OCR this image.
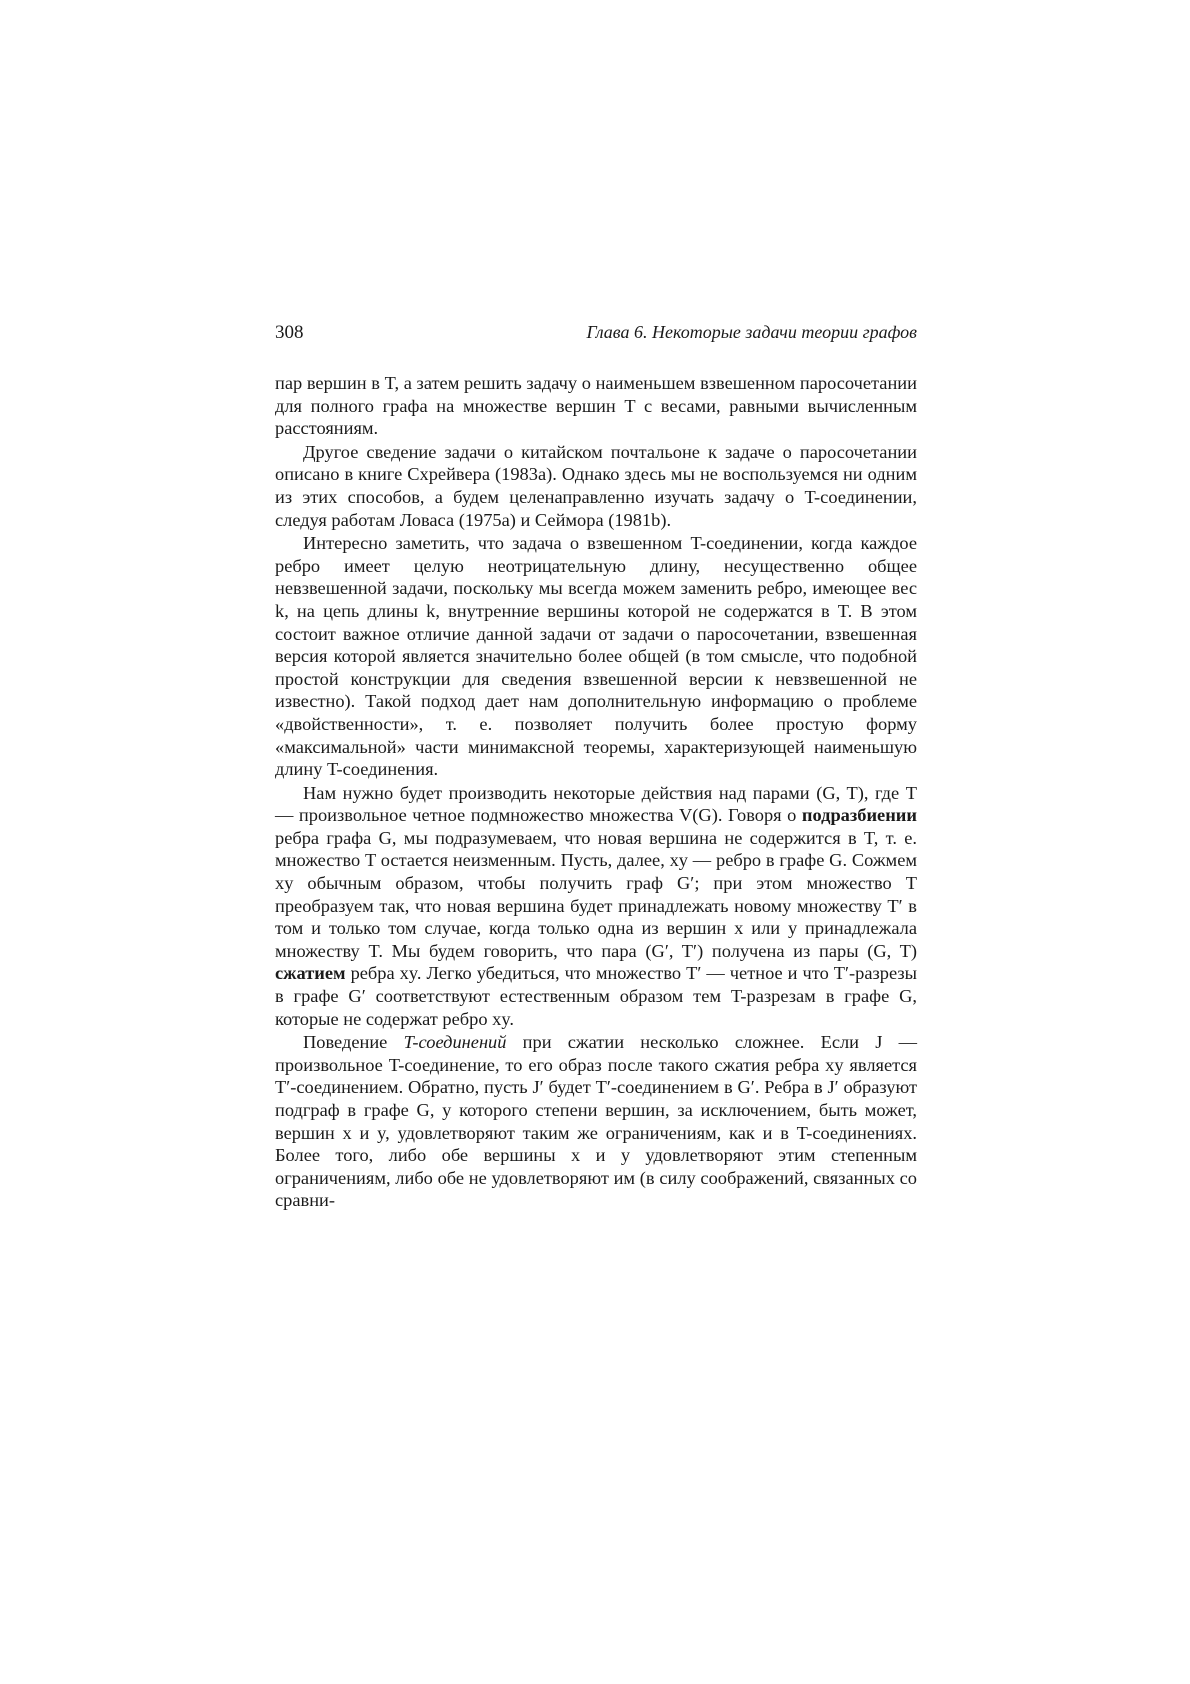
308	Глава 6. Некоторые задачи теории графов

пар вершин в T, а затем решить задачу о наименьшем взвешенном паросочетании для полного графа на множестве вершин T с весами, равными вычисленным расстояниям.

Другое сведение задачи о китайском почтальоне к задаче о паросочетании описано в книге Схрейвера (1983a). Однако здесь мы не воспользуемся ни одним из этих способов, а будем целенаправленно изучать задачу о T-соединении, следуя работам Ловаса (1975a) и Сеймора (1981b).

Интересно заметить, что задача о взвешенном T-соединении, когда каждое ребро имеет целую неотрицательную длину, несущественно общее невзвешенной задачи, поскольку мы всегда можем заменить ребро, имеющее вес k, на цепь длины k, внутренние вершины которой не содержатся в T. В этом состоит важное отличие данной задачи от задачи о паросочетании, взвешенная версия которой является значительно более общей (в том смысле, что подобной простой конструкции для сведения взвешенной версии к невзвешенной не известно). Такой подход дает нам дополнительную информацию о проблеме «двойственности», т. е. позволяет получить более простую форму «максимальной» части минимаксной теоремы, характеризующей наименьшую длину T-соединения.

Нам нужно будет производить некоторые действия над парами (G, T), где T — произвольное четное подмножество множества V(G). Говоря о подразбиении ребра графа G, мы подразумеваем, что новая вершина не содержится в T, т. е. множество T остается неизменным. Пусть, далее, xy — ребро в графе G. Сожмем xy обычным образом, чтобы получить граф G′; при этом множество T преобразуем так, что новая вершина будет принадлежать новому множеству T′ в том и только том случае, когда только одна из вершин x или y принадлежала множеству T. Мы будем говорить, что пара (G′, T′) получена из пары (G, T) сжатием ребра xy. Легко убедиться, что множество T′ — четное и что T′-разрезы в графе G′ соответствуют естественным образом тем T-разрезам в графе G, которые не содержат ребро xy.

Поведение T-соединений при сжатии несколько сложнее. Если J — произвольное T-соединение, то его образ после такого сжатия ребра xy является T′-соединением. Обратно, пусть J′ будет T′-соединением в G′. Ребра в J′ образуют подграф в графе G, у которого степени вершин, за исключением, быть может, вершин x и y, удовлетворяют таким же ограничениям, как и в T-соединениях. Более того, либо обе вершины x и y удовлетворяют этим степенным ограничениям, либо обе не удовлетворяют им (в силу соображений, связанных со сравни-
